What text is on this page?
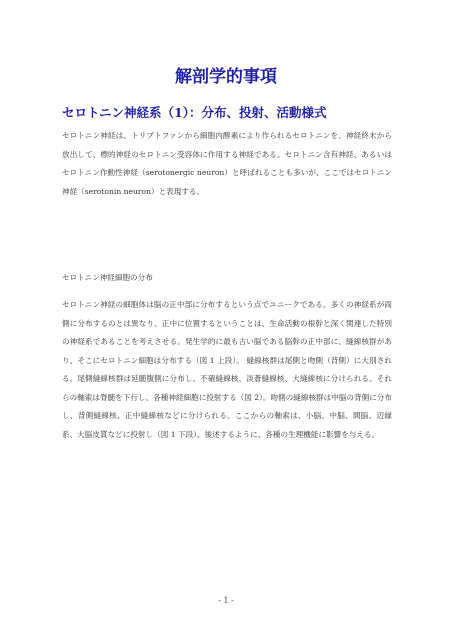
解剖学的事項
セロトニン神経系（1）：分布、投射、活動様式

セロトニン神経は、トリプトファンから細胞内酵素により作られるセロトニンを、神経終末から放出して、標的神経のセロトニン受容体に作用する神経である。セロトニン含有神経、あるいはセロトニン作動性神経（serotonergic neuron）と呼ばれることも多いが、ここではセロトニン神経（serotonin neuron）と表現する。

セロトニン神経細胞の分布

セロトニン神経の細胞体は脳の正中部に分布するという点でユニークである。多くの神経系が両側に分布するのとは異なり、正中に位置するということは、生命活動の根幹と深く関連した特別の神経系であることを考えさせる。発生学的に最も古い脳である脳幹の正中部に、縫線核群があり、そこにセロトニン細胞は分布する（図 1 上段）。 縫線核群は尾側と吻側（背側）に大別される。尾側縫線核群は延髄腹側に分布し、不確縫線核、淡蒼縫線核、大縫線核に分けられる。それらの軸索は脊髄を下行し、各種神経細胞に投射する（図 2）。吻側の縫線核群は中脳の背側に分布し、背側縫線核、正中縫線核などに分けられる。ここからの軸索は、小脳、中脳、間脳、辺縁系、大脳皮質などに投射し（図 1 下段）、後述するように、各種の生理機能に影響を与える。

- 1 -
